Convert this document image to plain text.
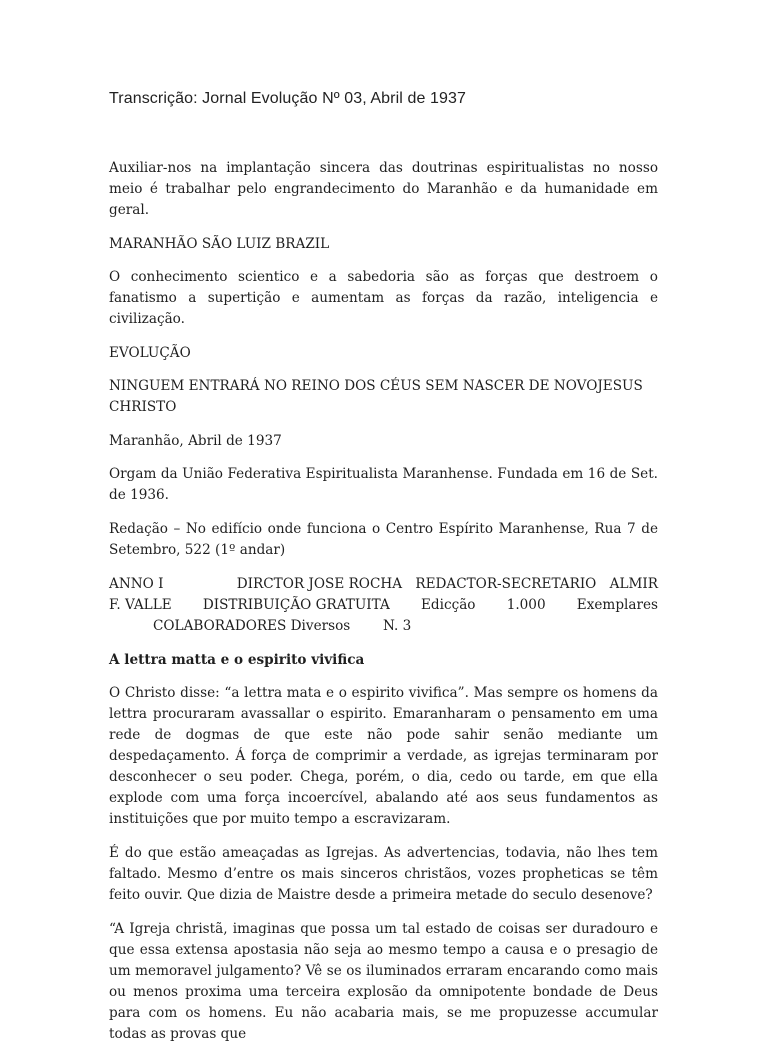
Transcrição: Jornal Evolução Nº 03, Abril de 1937

Auxiliar-nos na implantação sincera das doutrinas espiritualistas no nosso meio é trabalhar pelo engrandecimento do Maranhão e da humanidade em geral.

MARANHÃO SÃO LUIZ BRAZIL

O conhecimento scientico e a sabedoria são as forças que destroem o fanatismo a supertição e aumentam as forças da razão, inteligencia e civilização.

EVOLUÇÃO

NINGUEM ENTRARÁ NO REINO DOS CÉUS SEM NASCER DE NOVO JESUS
CHRISTO

Maranhão, Abril de 1937

Orgam da União Federativa Espiritualista Maranhense. Fundada em 16 de Set. de 1936.

Redação – No edifício onde funciona o Centro Espírito Maranhense, Rua 7 de Setembro, 522 (1º andar)

ANNO I	DIRCTOR JOSE ROCHA REDACTOR-SECRETARIO ALMIR
F. VALLE DISTRIBUIÇÃO GRATUITA Edicção 1.000 Exemplares
COLABORADORES Diversos	N. 3
A lettra matta e o espirito vivifica

O Christo disse: “a lettra mata e o espirito vivifica”. Mas sempre os homens da lettra procuraram avassallar o espirito. Emaranharam o pensamento em uma rede de dogmas de que este não pode sahir senão mediante um despedaçamento. Á força de comprimir a verdade, as igrejas terminaram por desconhecer o seu poder. Chega, porém, o dia, cedo ou tarde, em que ella explode com uma força incoercível, abalando até aos seus fundamentos as instituições que por muito tempo a escravizaram.

É do que estão ameaçadas as Igrejas. As advertencias, todavia, não lhes tem faltado. Mesmo d’entre os mais sinceros christãos, vozes propheticas se têm feito ouvir. Que dizia de Maistre desde a primeira metade do seculo desenove?

“A Igreja christã, imaginas que possa um tal estado de coisas ser duradouro e que essa extensa apostasia não seja ao mesmo tempo a causa e o presagio de um memoravel julgamento? Vê se os iluminados erraram encarando como mais ou menos proxima uma terceira explosão da omnipotente bondade de Deus para com os homens. Eu não acabaria mais, se me propuzesse accumular todas as provas que
